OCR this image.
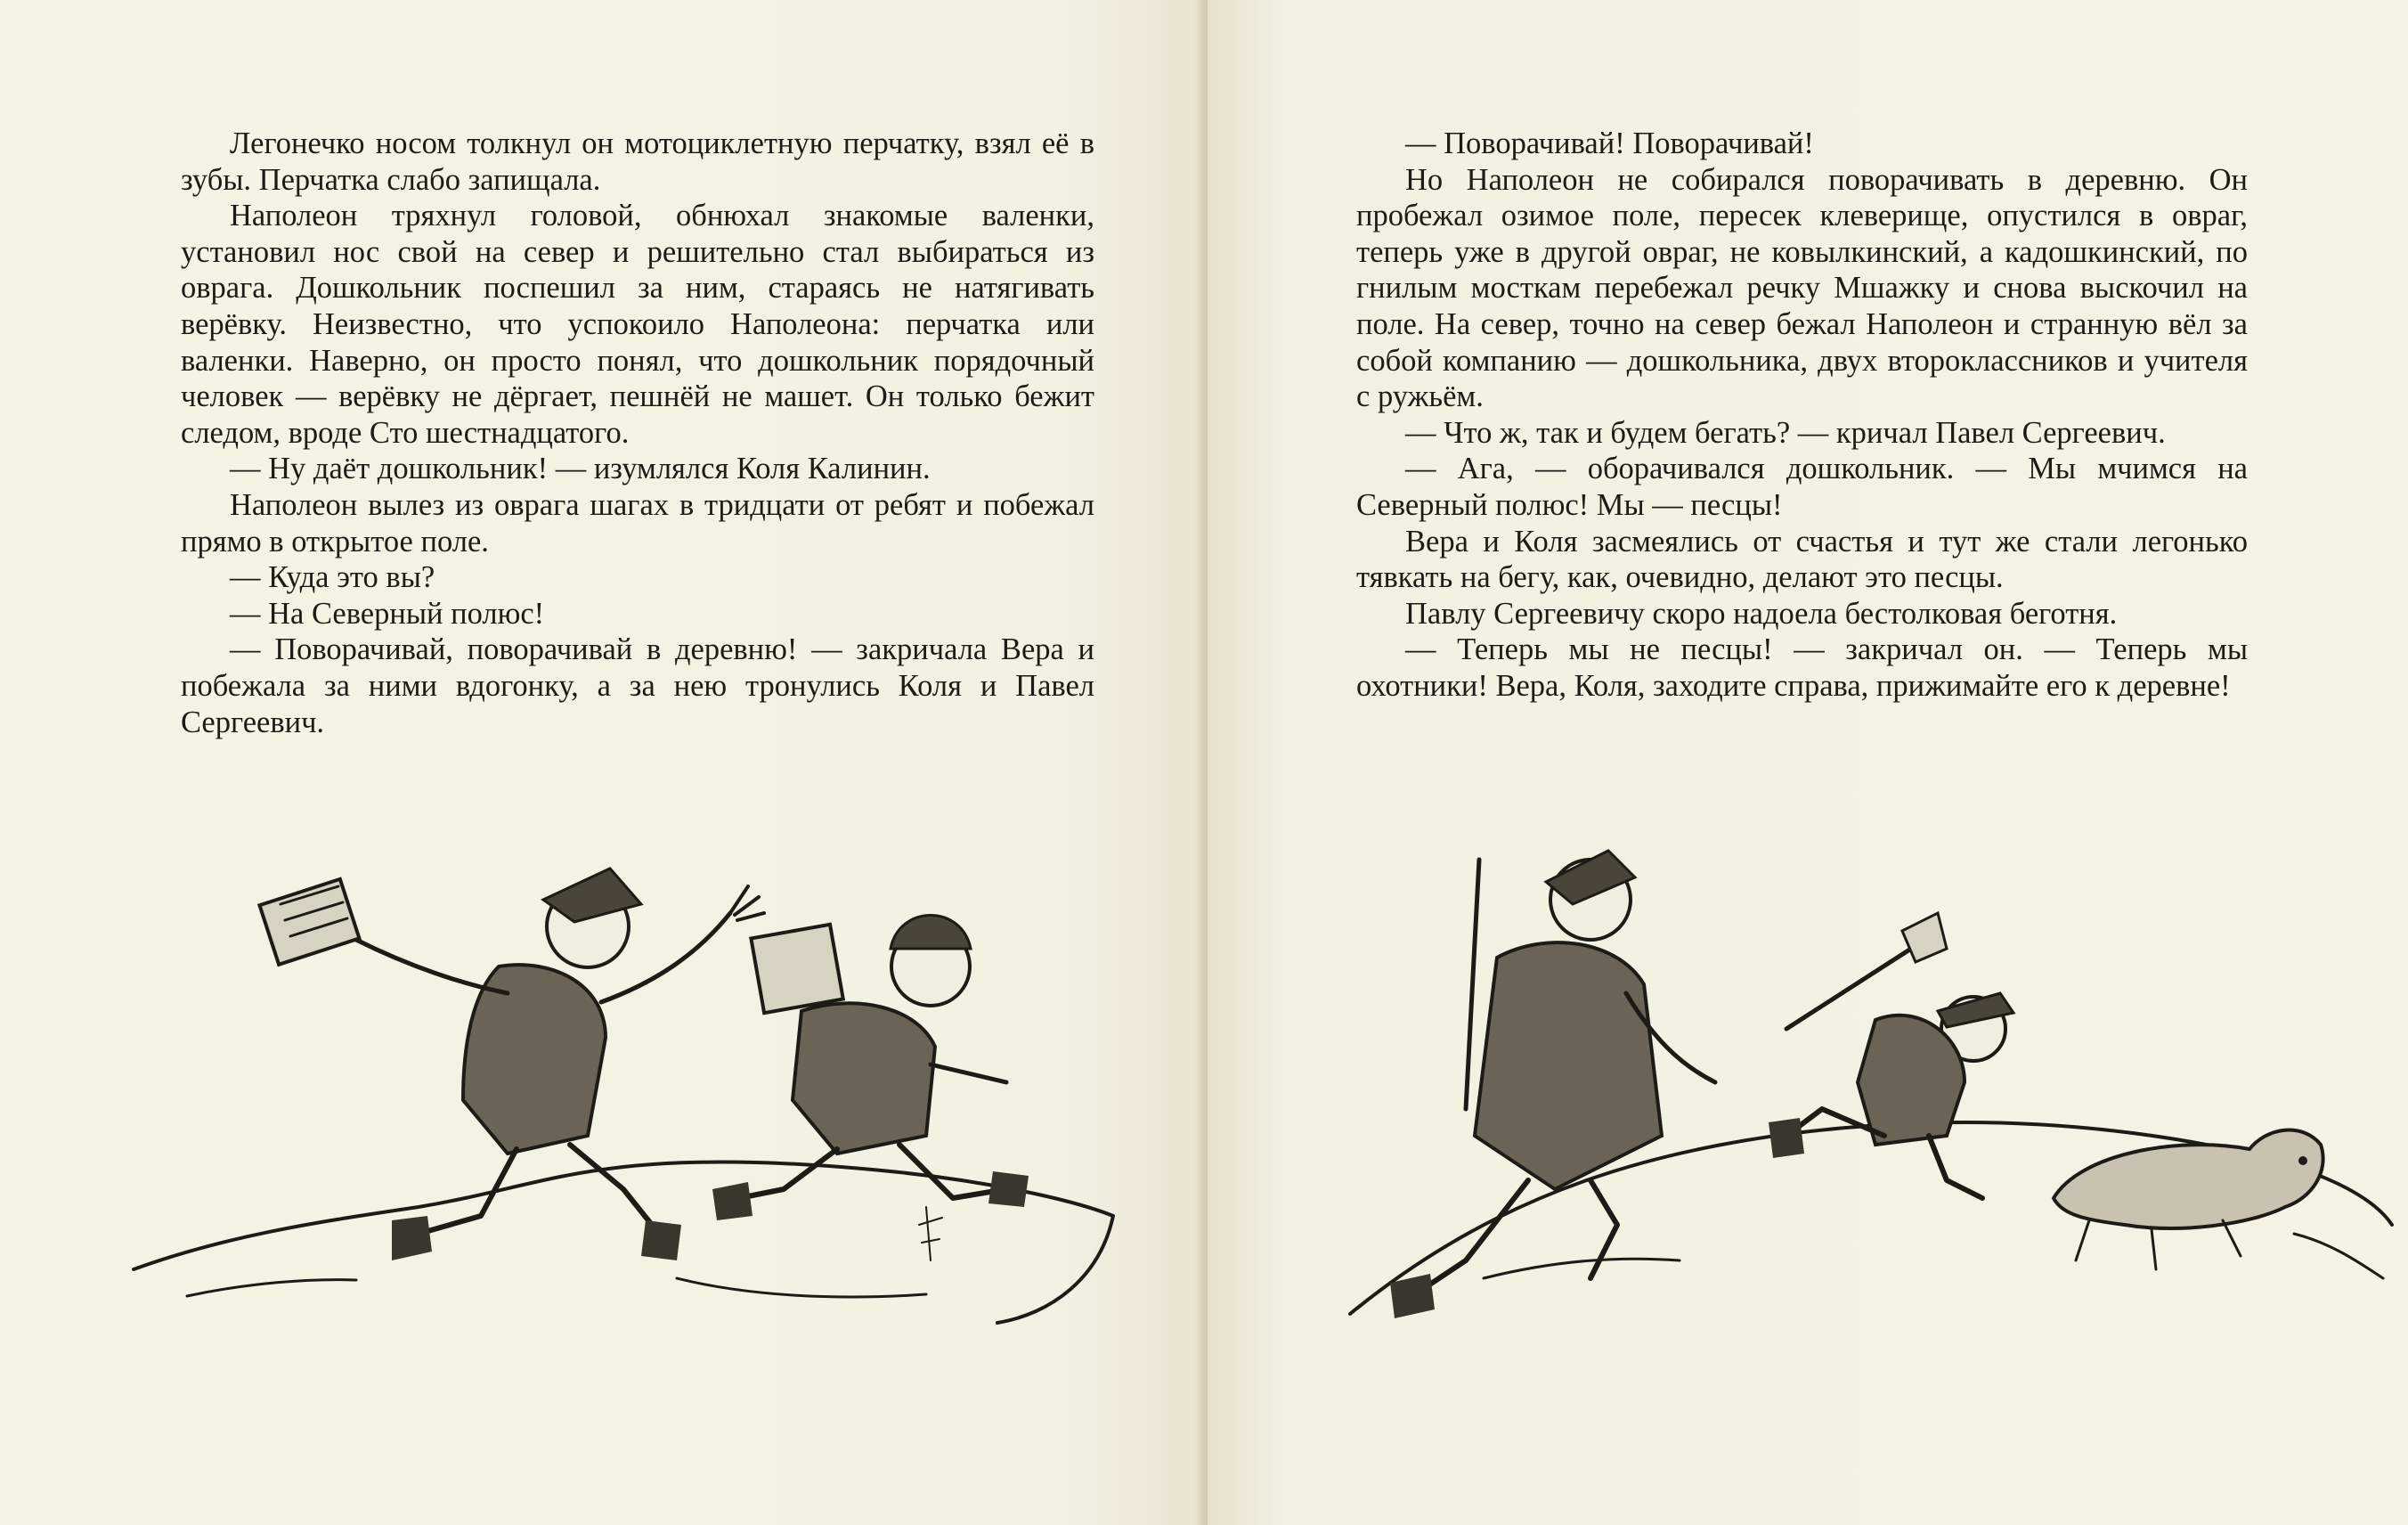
Легонечко носом толкнул он мотоциклетную перчатку, взял её в зубы. Перчатка слабо запищала.

Наполеон тряхнул головой, обнюхал знакомые валенки, установил нос свой на север и решительно стал выбираться из оврага. Дошкольник поспешил за ним, стараясь не натягивать верёвку. Неизвестно, что успокоило Наполеона: перчатка или валенки. Наверно, он просто понял, что дошкольник порядочный человек — верёвку не дёргает, пешнёй не машет. Он только бежит следом, вроде Сто шестнадцатого.

— Ну даёт дошкольник! — изумлялся Коля Калинин.

Наполеон вылез из оврага шагах в тридцати от ребят и побежал прямо в открытое поле.

— Куда это вы?

— На Северный полюс!

— Поворачивай, поворачивай в деревню! — закричала Вера и побежала за ними вдогонку, а за нею тронулись Коля и Павел Сергеевич.

— Поворачивай! Поворачивай!

Но Наполеон не собирался поворачивать в деревню. Он пробежал озимое поле, пересек клеверище, опустился в овраг, теперь уже в другой овраг, не ковылкинский, а кадошкинский, по гнилым мосткам перебежал речку Мшажку и снова выскочил на поле. На север, точно на север бежал Наполеон и странную вёл за собой компанию — дошкольника, двух второклассников и учителя с ружьём.

— Что ж, так и будем бегать? — кричал Павел Сергеевич.

— Ага, — оборачивался дошкольник. — Мы мчимся на Северный полюс! Мы — песцы!

Вера и Коля засмеялись от счастья и тут же стали легонько тявкать на бегу, как, очевидно, делают это песцы.

Павлу Сергеевичу скоро надоела бестолковая беготня.

— Теперь мы не песцы! — закричал он. — Теперь мы охотники! Вера, Коля, заходите справа, прижимайте его к деревне!
